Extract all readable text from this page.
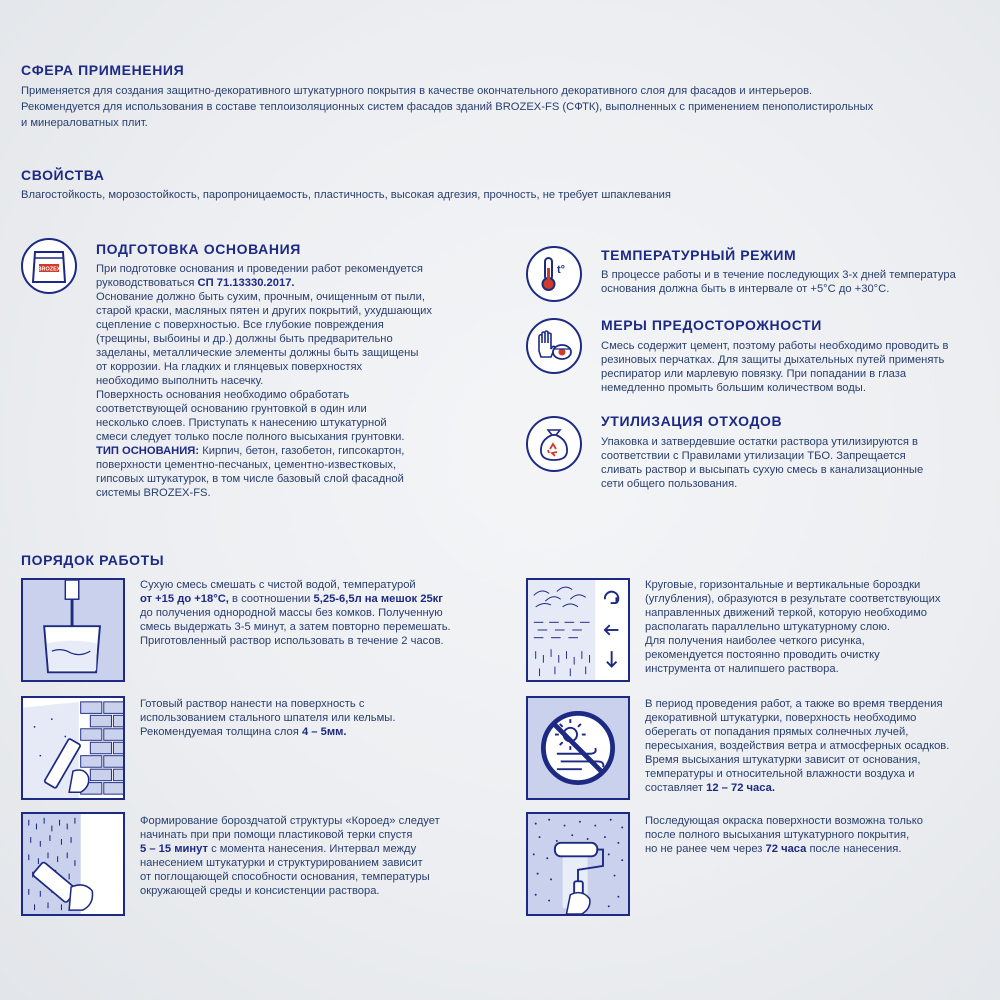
СФЕРА ПРИМЕНЕНИЯ
Применяется для создания защитно-декоративного штукатурного покрытия в качестве окончательного декоративного слоя для фасадов и интерьеров.
Рекомендуется для использования в составе теплоизоляционных систем фасадов зданий BROZEX-FS (СФТК), выполненных с применением пенополистирольных
и минераловатных плит.
СВОЙСТВА
Влагостойкость, морозостойкость, паропроницаемость, пластичность, высокая адгезия, прочность, не требует шпаклевания
BROZEX
ПОДГОТОВКА ОСНОВАНИЯ
При подготовке основания и проведении работ рекомендуется
руководствоваться СП 71.13330.2017.
Основание должно быть сухим, прочным, очищенным от пыли,
старой краски, масляных пятен и других покрытий, ухудшающих
сцепление с поверхностью. Все глубокие повреждения
(трещины, выбоины и др.) должны быть предварительно
заделаны, металлические элементы должны быть защищены
от коррозии. На гладких и глянцевых поверхностях
необходимо выполнить насечку.
Поверхность основания необходимо обработать
соответствующей основанию грунтовкой в один или
несколько слоев. Приступать к нанесению штукатурной
смеси следует только после полного высыхания грунтовки.
ТИП ОСНОВАНИЯ: Кирпич, бетон, газобетон, гипсокартон,
поверхности цементно-песчаных, цементно-известковых,
гипсовых штукатурок, в том числе базовый слой фасадной
системы BROZEX-FS.
t°
ТЕМПЕРАТУРНЫЙ РЕЖИМ
В процессе работы и в течение последующих 3-х дней температура
основания должна быть в интервале от +5°C до +30°C.
МЕРЫ ПРЕДОСТОРОЖНОСТИ
Смесь содержит цемент, поэтому работы необходимо проводить в
резиновых перчатках. Для защиты дыхательных путей применять
респиратор или марлевую повязку. При попадании в глаза
немедленно промыть большим количеством воды.
УТИЛИЗАЦИЯ ОТХОДОВ
Упаковка и затвердевшие остатки раствора утилизируются в
соответствии с Правилами утилизации ТБО. Запрещается
сливать раствор и высыпать сухую смесь в канализационные
сети общего пользования.
ПОРЯДОК РАБОТЫ
Сухую смесь смешать с чистой водой, температурой
от +15 до +18°C, в соотношении 5,25-6,5л на мешок 25кг
до получения однородной массы без комков. Полученную
смесь выдержать 3-5 минут, а затем повторно перемешать.
Приготовленный раствор использовать в течение 2 часов.
Готовый раствор нанести на поверхность с
использованием стального шпателя или кельмы.
Рекомендуемая толщина слоя 4 – 5мм.
Формирование бороздчатой структуры «Короед» следует
начинать при при помощи пластиковой терки спустя
5 – 15 минут с момента нанесения. Интервал между
нанесением штукатурки и структурированием зависит
от поглощающей способности основания, температуры
окружающей среды и консистенции раствора.
Круговые, горизонтальные и вертикальные бороздки
(углубления), образуются в результате соответствующих
направленных движений теркой, которую необходимо
располагать параллельно штукатурному слою.
Для получения наиболее четкого рисунка,
рекомендуется постоянно проводить очистку
инструмента от налипшего раствора.
В период проведения работ, а также во время твердения
декоративной штукатурки, поверхность необходимо
оберегать от попадания прямых солнечных лучей,
пересыхания, воздействия ветра и атмосферных осадков.
Время высыхания штукатурки зависит от основания,
температуры и относительной влажности воздуха и
составляет 12 – 72 часа.
Последующая окраска поверхности возможна только
после полного высыхания штукатурного покрытия,
но не ранее чем через 72 часа после нанесения.
